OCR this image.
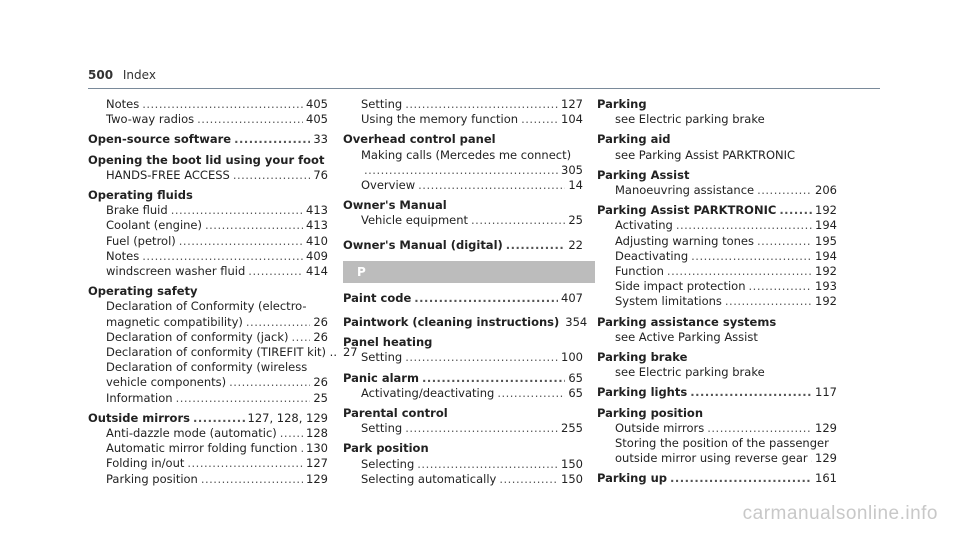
500 Index
Notes .....	405
Two-way radios .....	405
Open-source software .....	33
Opening the boot lid using your foot
HANDS-FREE ACCESS .....	76
Operating fluids
Brake fluid .....	413
Coolant (engine) .....	413
Fuel (petrol) .....	410
Notes .....	409
windscreen washer fluid .....	414
Operating safety
Declaration of Conformity (electro-
magnetic compatibility) .....	26
Declaration of conformity (jack) ..... 26
Declaration of conformity (TIREFIT kit) .. 27
Declaration of conformity (wireless
vehicle components) .....	26
Information .....	25
Outside mirrors .....	127, 128, 129
Anti-dazzle mode (automatic) .....	128
Automatic mirror folding function ..... 130
Folding in/out .....	127
Parking position .....	129
Setting .....	127
Using the memory function .....	104
Overhead control panel
Making calls (Mercedes me connect)
.....
305
Overview .....	14
Owner's Manual
Vehicle equipment .....	25
Owner's Manual (digital) .....	22
P
Paint code .....	407
Paintwork (cleaning instructions) 354
Panel heating
Setting .....	100
Panic alarm .....	65
Activating/deactivating .....	65
Parental control
Setting .....	255
Park position
Selecting .....	150
Selecting automatically .....	150
Parking
see Electric parking brake
Parking aid
see Parking Assist PARKTRONIC
Parking Assist
Manoeuvring assistance .....	206
Parking Assist PARKTRONIC .....	192
Activating .....	194
Adjusting warning tones .....	195
Deactivating .....	194
Function .....	192
Side impact protection .....	193
System limitations .....	192
Parking assistance systems
see Active Parking Assist
Parking brake
see Electric parking brake
Parking lights .....	117
Parking position
Outside mirrors .....	129
Storing the position of the passenger
outside mirror using reverse gear ..... 129
Parking up .....	161
carmanualsonline.info
